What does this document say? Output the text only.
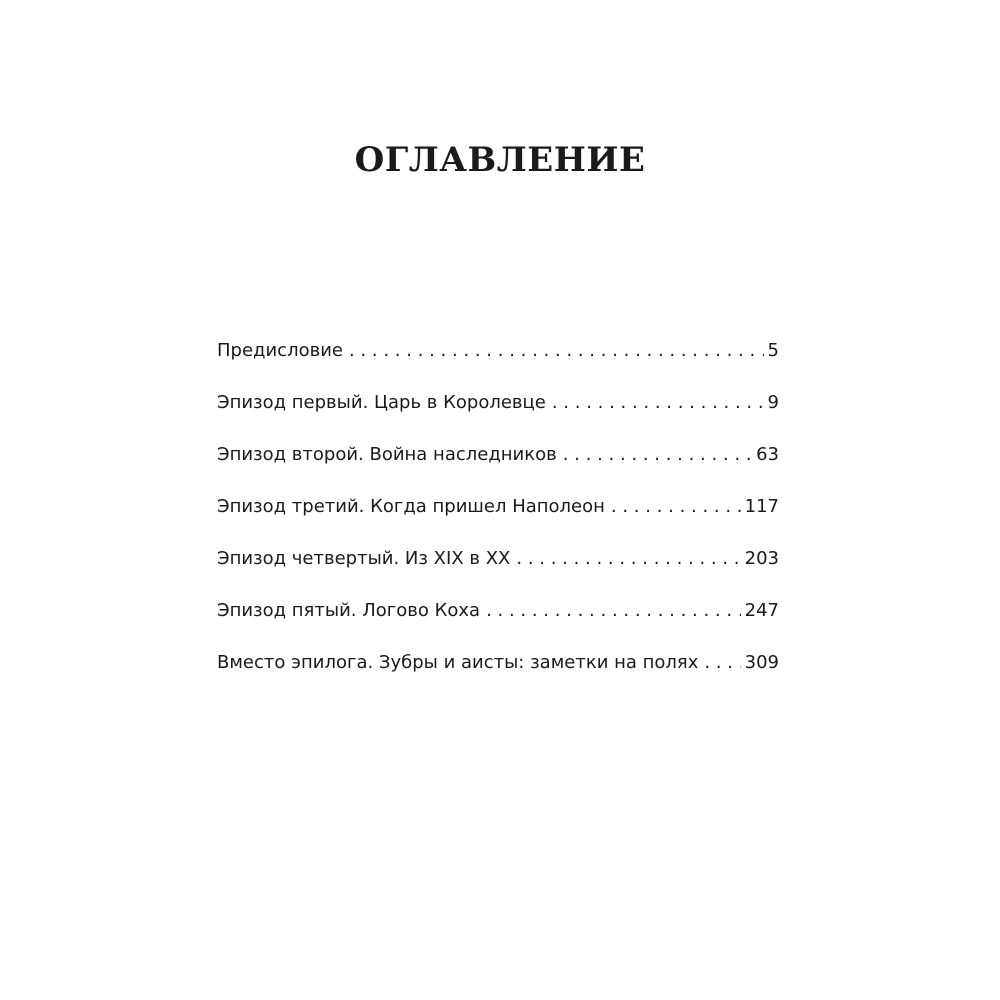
ОГЛАВЛЕНИЕ
Предисловие . . .	5
Эпизод первый. Царь в Королевце . . .	9
Эпизод второй. Война наследников . . .	63
Эпизод третий. Когда пришел Наполеон . . .	117
Эпизод четвертый. Из XIX в XX . . .	203
Эпизод пятый. Логово Коха . . .	247
Вместо эпилога. Зубры и аисты: заметки на полях . . .	309
